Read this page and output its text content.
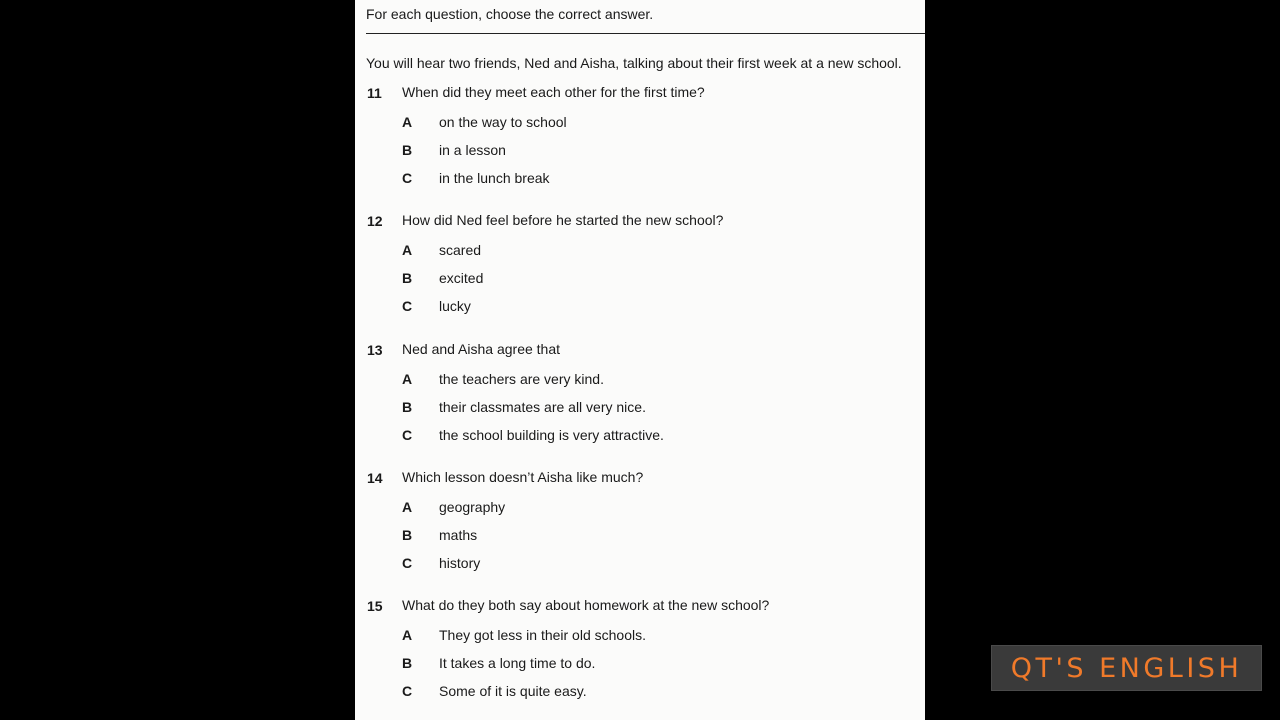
For each question, choose the correct answer.
You will hear two friends, Ned and Aisha, talking about their first week at a new school.
11 When did they meet each other for the first time?
A on the way to school
B in a lesson
C in the lunch break
12 How did Ned feel before he started the new school?
A scared
B excited
C lucky
13 Ned and Aisha agree that
A the teachers are very kind.
B their classmates are all very nice.
C the school building is very attractive.
14 Which lesson doesn’t Aisha like much?
A geography
B maths
C history
15 What do they both say about homework at the new school?
A They got less in their old schools.
B It takes a long time to do.
C Some of it is quite easy.
QT'S ENGLISH
